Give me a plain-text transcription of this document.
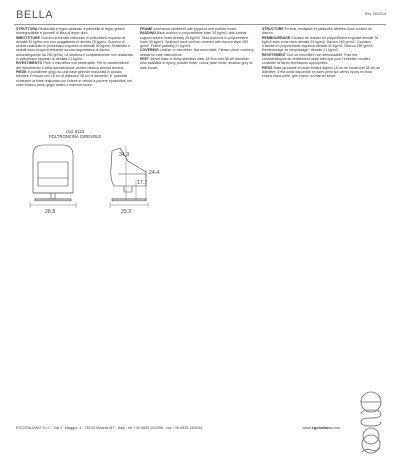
BELLA	Rev. 06/2014

STRUTTURA Realizzata in legno abbinato a particelle di legno grezzo biodegradabile e pannelli di fibra di legno duro.

IMBOTTITURE Cuscino schienale realizzato in poliuretano espanso di densità 30 kg/mc con uno poggiatesta di densità 25 kg/mc. Cuscino di seduta realizzato in poliuretano espanso di densità 30 kg/mc. Schienale e seduta sono ricoperti entrambi da una trapuntatura di dacron autoestinguente da 250 gr/mq. La struttura è completamente non realizzata in poliuretano espanso di densità 21 kg/mc.

RIVESTIMENTO Pelle o microfibra non sfoderabile. Per le caratteristiche del rivestimento e della manutenzione vedere relativa scheda tecnica.

PIEDE In polistirene grigio su una base girevole realizzata in acciaio tubolare e misura uno 18 cm di altezza e 38 cm di diametro. E' possibile richiedere la base realizzata con finiture in vernici a polvere epossidica, nei colori bianco perla, grigio antico o marrone scuro.

FRAME solid wood combined with plywood and particle board.

PADDING Back cushion in polyurethane foam 30 kg/m3, with lumbar support area in foam density 25 kg/m3. Seat cushions in polyurethane foam 30 kg/m3. Seat and back cushion covered with dacron layer 250 gr/m2. Frame padding 21 kg/m3.

COVERING Leather or microfiber. Not removable. Please check covering details for care instructions.

FEET Swivel base in shiny stainless steel 18 0cm and 38 cm diameter. Also available in epoxy powder finish, colour pearl white, shadow grey or dark brown.

STRUCTURE En bois, multiplies et particules habillés d'une couche de dacron.

REMBOURRAGE Coussin de dossier en polyuréthane expansé densité 30 kg/m3 avec zone reins densité 25 kg/m3. Dacron 250 gr/m2. Coussins d'assise en polyuréthane expansé densité 30 kg/m3. Dacron 250 gr/m2. Rembourrage de remplissage : densité 21 kg/m3.

REVETEMENT Cuir ou microfibre non déhoussable. Pour les caractéristiques du revêtement aussi bien que pour l'entretien veuillez consulter la fiches techniques appropriées.

PIEDS Base pivotante en acier brillant aspect 18 cm de hauteur et 38 cm de diamètre. Il est aussi disponible en acier peint sur vernis époxy en trois coloris blanc perle, gris ombre ou marron foncé.

cod. 6123
POLTRONCINA GIREVOLE
28.8	29.2
34.3
24.4
17.7
EGOITALIANO S.r.l. - Via 1° Maggio, 4 - 75100 Matera MT - Italy - tel +39 0835 262096 - fax +39 0835 269934	www.egoitaliano.com
